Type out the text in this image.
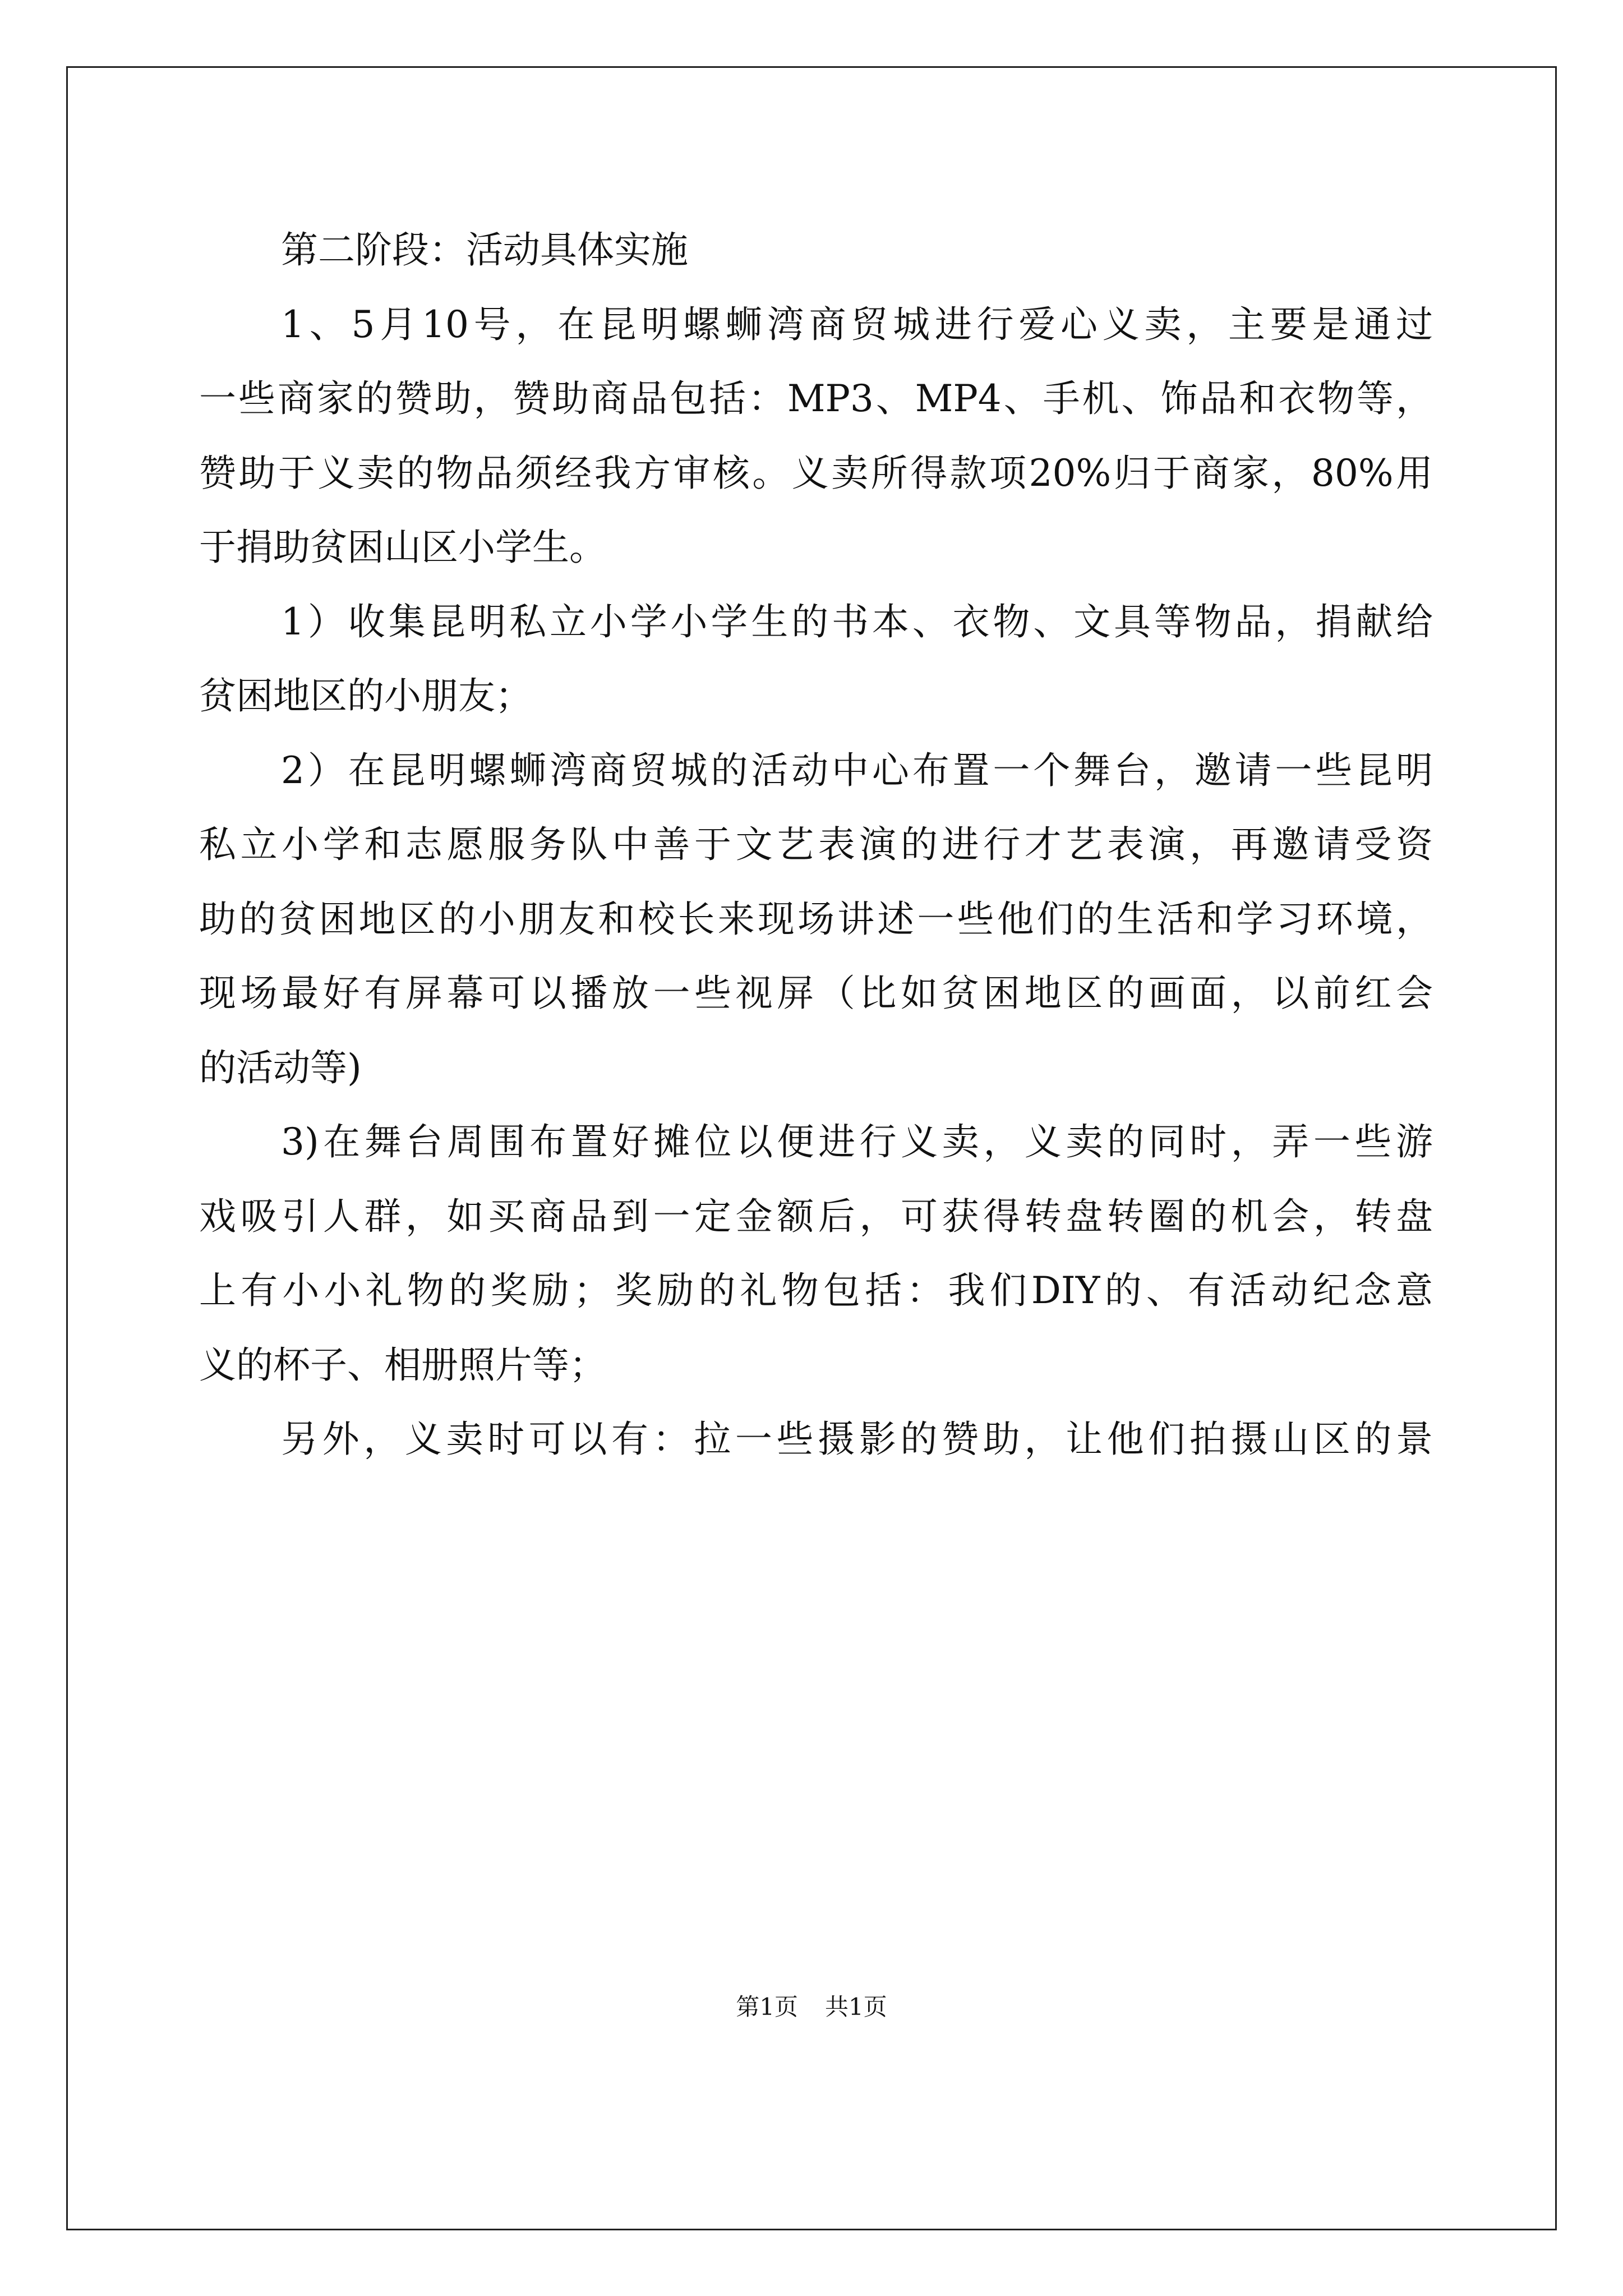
第二阶段：活动具体实施
1、5月10号，在昆明螺蛳湾商贸城进行爱心义卖，主要是通过
一些商家的赞助，赞助商品包括：MP3、MP4、手机、饰品和衣物等，
赞助于义卖的物品须经我方审核。义卖所得款项20%归于商家，80%用
于捐助贫困山区小学生。
1）收集昆明私立小学小学生的书本、衣物、文具等物品，捐献给
贫困地区的小朋友；
2）在昆明螺蛳湾商贸城的活动中心布置一个舞台，邀请一些昆明
私立小学和志愿服务队中善于文艺表演的进行才艺表演，再邀请受资
助的贫困地区的小朋友和校长来现场讲述一些他们的生活和学习环境，
现场最好有屏幕可以播放一些视屏（比如贫困地区的画面，以前红会
的活动等)
3)在舞台周围布置好摊位以便进行义卖，义卖的同时，弄一些游
戏吸引人群，如买商品到一定金额后，可获得转盘转圈的机会，转盘
上有小小礼物的奖励；奖励的礼物包括：我们DIY的、有活动纪念意
义的杯子、相册照片等；
另外，义卖时可以有：拉一些摄影的赞助，让他们拍摄山区的景
第1页 共1页
